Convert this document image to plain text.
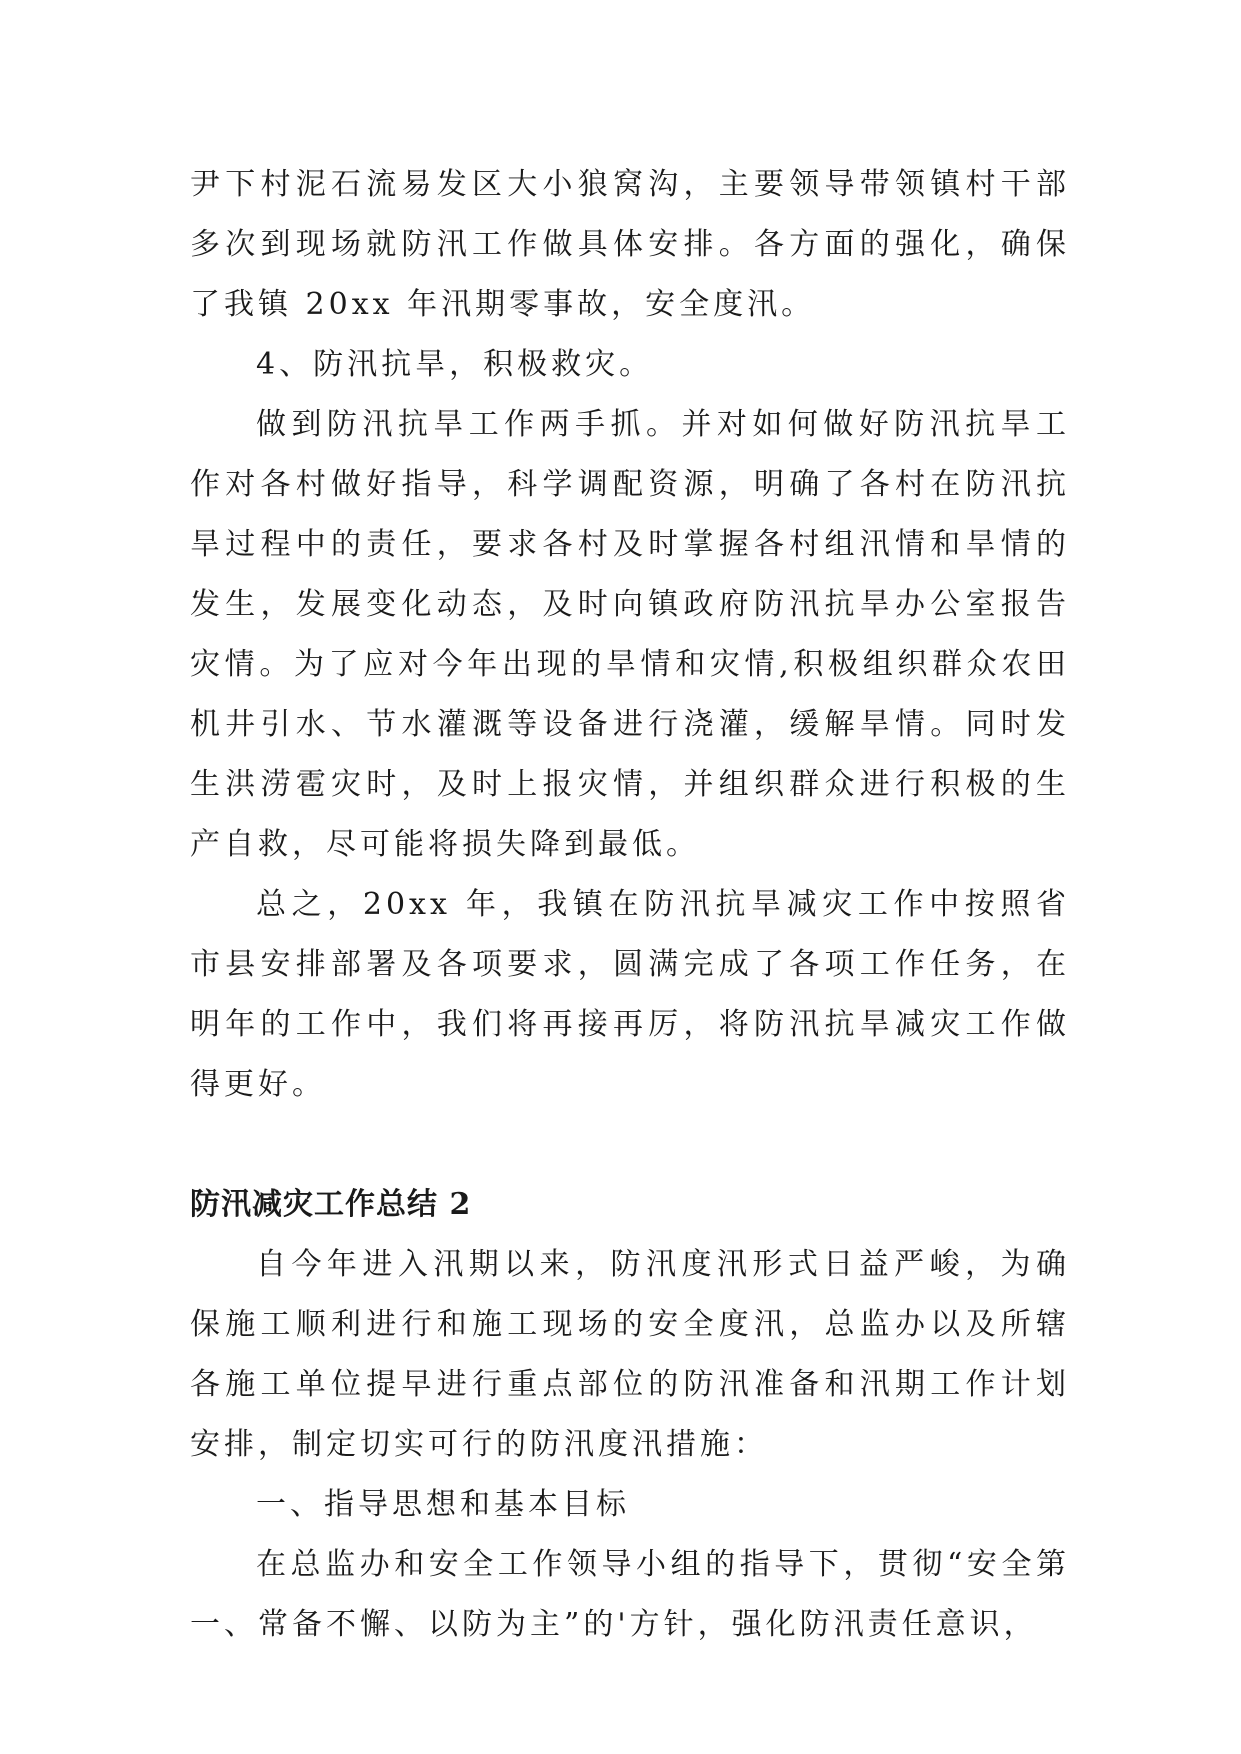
尹下村泥石流易发区大小狼窝沟，主要领导带领镇村干部多次到现场就防汛工作做具体安排。各方面的强化，确保了我镇 20xx 年汛期零事故，安全度汛。

4、防汛抗旱，积极救灾。

做到防汛抗旱工作两手抓。并对如何做好防汛抗旱工作对各村做好指导，科学调配资源，明确了各村在防汛抗旱过程中的责任，要求各村及时掌握各村组汛情和旱情的发生，发展变化动态，及时向镇政府防汛抗旱办公室报告灾情。为了应对今年出现的旱情和灾情,积极组织群众农田机井引水、节水灌溉等设备进行浇灌，缓解旱情。同时发生洪涝雹灾时，及时上报灾情，并组织群众进行积极的生产自救，尽可能将损失降到最低。

总之，20xx 年，我镇在防汛抗旱减灾工作中按照省市县安排部署及各项要求，圆满完成了各项工作任务，在明年的工作中，我们将再接再厉，将防汛抗旱减灾工作做得更好。

防汛减灾工作总结 2

自今年进入汛期以来，防汛度汛形式日益严峻，为确保施工顺利进行和施工现场的安全度汛，总监办以及所辖各施工单位提早进行重点部位的防汛准备和汛期工作计划安排，制定切实可行的防汛度汛措施：

一、指导思想和基本目标

在总监办和安全工作领导小组的指导下，贯彻“安全第一、常备不懈、以防为主”的'方针，强化防汛责任意识，
